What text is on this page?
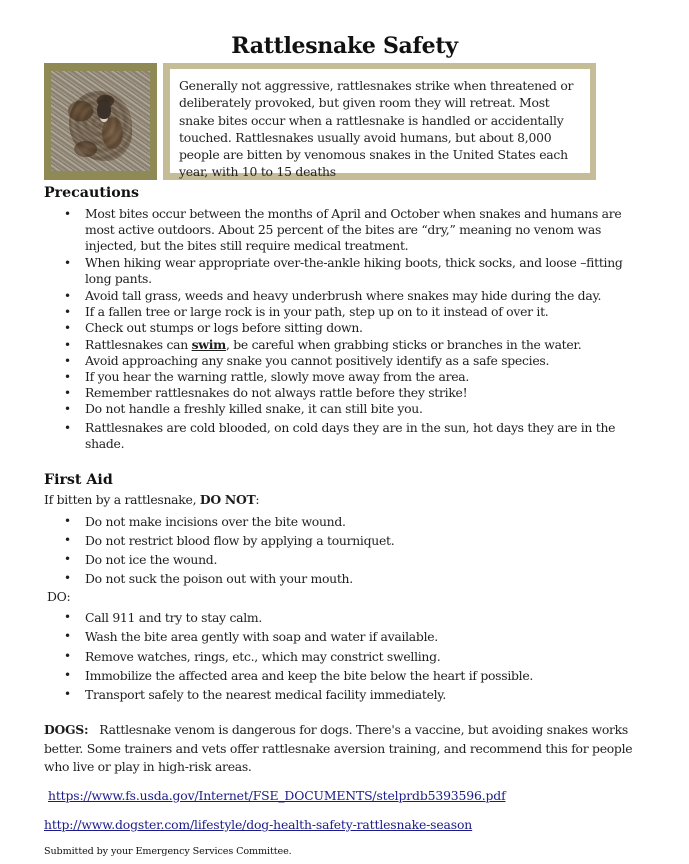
Rattlesnake Safety
Generally not aggressive, rattlesnakes strike when threatened or deliberately provoked, but given room they will retreat. Most snake bites occur when a rattlesnake is handled or accidentally touched. Rattlesnakes usually avoid humans, but about 8,000 people are bitten by venomous snakes in the United States each year, with 10 to 15 deaths
Precautions
• Most bites occur between the months of April and October when snakes and humans are most active outdoors. About 25 percent of the bites are “dry,” meaning no venom was injected, but the bites still require medical treatment.
• When hiking wear appropriate over-the-ankle hiking boots, thick socks, and loose –fitting long pants.
• Avoid tall grass, weeds and heavy underbrush where snakes may hide during the day.
• If a fallen tree or large rock is in your path, step up on to it instead of over it.
• Check out stumps or logs before sitting down.
• Rattlesnakes can swim, be careful when grabbing sticks or branches in the water.
• Avoid approaching any snake you cannot positively identify as a safe species.
• If you hear the warning rattle, slowly move away from the area.
• Remember rattlesnakes do not always rattle before they strike!
• Do not handle a freshly killed snake, it can still bite you.
• Rattlesnakes are cold blooded, on cold days they are in the sun, hot days they are in the shade.
First Aid

If bitten by a rattlesnake, DO NOT:

• Do not make incisions over the bite wound.
• Do not restrict blood flow by applying a tourniquet.
• Do not ice the wound.
• Do not suck the poison out with your mouth.

DO:

• Call 911 and try to stay calm.
• Wash the bite area gently with soap and water if available.
• Remove watches, rings, etc., which may constrict swelling.
• Immobilize the affected area and keep the bite below the heart if possible.
• Transport safely to the nearest medical facility immediately.

DOGS: Rattlesnake venom is dangerous for dogs. There's a vaccine, but avoiding snakes works better. Some trainers and vets offer rattlesnake aversion training, and recommend this for people who live or play in high-risk areas.

https://www.fs.usda.gov/Internet/FSE_DOCUMENTS/stelprdb5393596.pdf
http://www.dogster.com/lifestyle/dog-health-safety-rattlesnake-season

Submitted by your Emergency Services Committee.
